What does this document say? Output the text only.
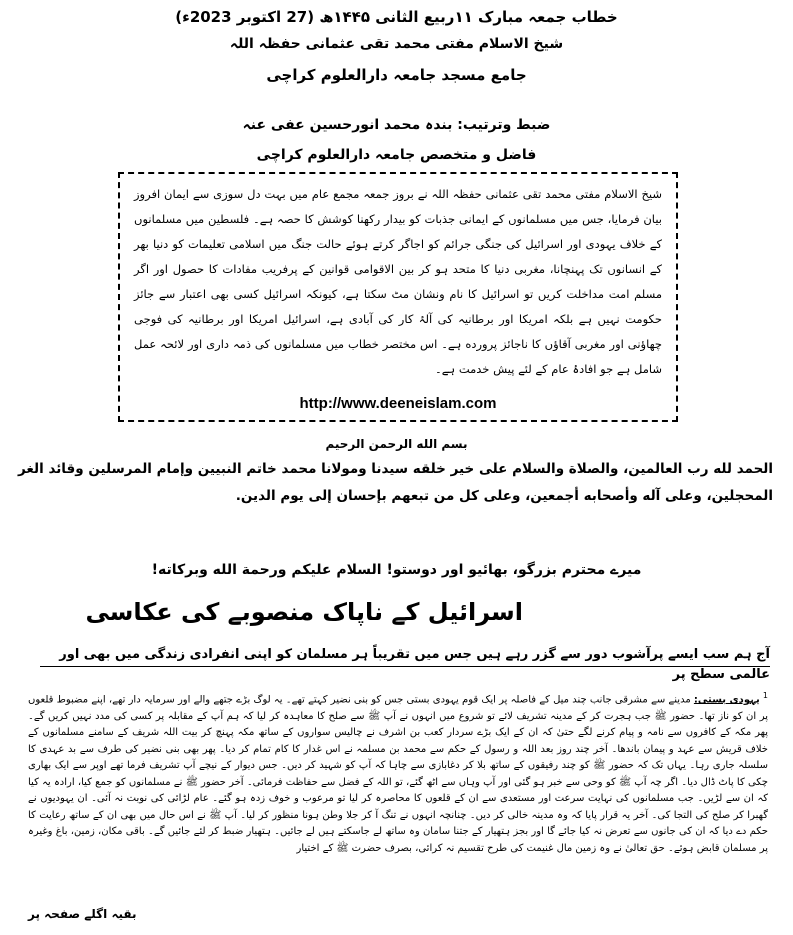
خطاب جمعہ مبارک ۱۱ربیع الثانی ۱۴۴۵ھ (27 اکتوبر 2023ء)
شیخ الاسلام مفتی محمد تقی عثمانی حفظہ اللہ
جامع مسجد جامعہ دارالعلوم کراچی
ضبط وترتیب: بندہ محمد انورحسین عفی عنہ
فاضل و متخصص جامعہ دارالعلوم کراچی

شیخ الاسلام مفتی محمد تقی عثمانی حفظہ اللہ نے بروز جمعہ مجمع عام میں بہت دل سوزی سے ایمان افروز بیان فرمایا، جس میں مسلمانوں کے ایمانی جذبات کو بیدار رکھنا کوشش کا حصہ ہے۔ فلسطین میں مسلمانوں کے خلاف یہودی اور اسرائیل کی جنگی جرائم کو اجاگر کرتے ہوئے حالت جنگ میں اسلامی تعلیمات کو دنیا بھر کے انسانوں تک پہنچانا، مغربی دنیا کا متحد ہو کر بین الاقوامی قوانین کے پرفریب مفادات کا حصول اور اگر مسلم امت مداخلت کریں تو اسرائیل کا نام ونشان مٹ سکتا ہے، کیونکہ اسرائیل کسی بھی اعتبار سے جائز حکومت نہیں ہے بلکہ امریکا اور برطانیہ کی آلۂ کار کی آبادی ہے، اسرائیل امریکا اور برطانیہ کی فوجی چھاؤنی اور مغربی آقاؤں کا ناجائز پرورده ہے۔ اس مختصر خطاب میں مسلمانوں کی ذمہ داری اور لائحہ عمل شامل ہے جو افادۂ عام کے لئے پیش خدمت ہے۔

http://www.deeneislam.com
بسم الله الرحمن الرحيم
الحمد لله رب العالمين، والصلاة والسلام على خير خلقه سيدنا ومولانا محمد خاتم النبيين وإمام المرسلين وقائد الغر المحجلين، وعلى آله وأصحابه أجمعين، وعلى كل من تبعهم بإحسان إلى يوم الدين.
میرے محترم بزرگو، بھائیو اور دوستو! السلام عليكم ورحمة الله وبركاته!
اسرائیل کے ناپاک منصوبے کی عکاسی
آج ہم سب ایسے پرآشوب دور سے گزر رہے ہیں جس میں تقریباً ہر مسلمان کو اپنی انفرادی زندگی میں بھی اور عالمی سطح پر
$^1$ یہودی بستی: مدینے سے مشرقی جانب چند میل کے فاصلہ پر ایک قوم یہودی بستی جس کو بنی نضیر کہتے تھے۔ یہ لوگ بڑے جتھے والے اور سرمایہ دار تھے، اپنے مضبوط قلعوں پر ان کو ناز تھا۔ حضور ﷺ جب ہجرت کر کے مدینہ تشریف لائے تو شروع میں انہوں نے آپ ﷺ سے صلح کا معاہدہ کر لیا کہ ہم آپ کے مقابلہ پر کسی کی مدد نہیں کریں گے۔ پھر مکہ کے کافروں سے نامہ و پیام کرنے لگے حتیٰ کہ ان کے ایک بڑے سردار کعب بن اشرف نے چالیس سواروں کے ساتھ مکہ پہنچ کر بیت اللہ شریف کے سامنے مسلمانوں کے خلاف قریش سے عہد و پیمان باندھا۔ آخر چند روز بعد اللہ و رسول کے حکم سے محمد بن مسلمہ نے اس غدار کا کام تمام کر دیا۔ پھر بھی بنی نضیر کی طرف سے بد عہدی کا سلسلہ جاری رہا۔ یہاں تک کہ حضور ﷺ کو چند رفیقوں کے ساتھ بلا کر دغابازی سے چاہا کہ آپ کو شہید کر دیں۔ جس دیوار کے نیچے آپ تشریف فرما تھے اوپر سے ایک بھاری چکی کا پاٹ ڈال دیا۔ اگر چہ آپ ﷺ کو وحی سے خبر ہو گئی اور آپ وہاں سے اٹھ گئے، تو اللہ کے فضل سے حفاظت فرمائی۔ آخر حضور ﷺ نے مسلمانوں کو جمع کیا، ارادہ یہ کیا کہ ان سے لڑیں۔ جب مسلمانوں کی نہایت سرعت اور مستعدی سے ان کے قلعوں کا محاصرہ کر لیا تو مرعوب و خوف زدہ ہو گئے۔ عام لڑائی کی نوبت نہ آئی۔ ان یہودیوں نے گھبرا کر صلح کی التجا کی۔ آخر یہ قرار پایا کہ وہ مدینہ خالی کر دیں۔ چنانچہ انہوں نے تنگ آ کر جلا وطن ہونا منظور کر لیا۔ آپ ﷺ نے اس حال میں بھی ان کے ساتھ رعایت کا حکم دے دیا کہ ان کی جانوں سے تعرض نہ کیا جائے گا اور بجز ہتھیار کے جتنا سامان وہ ساتھ لے جاسکتے ہیں لے جائیں۔ ہتھیار ضبط کر لئے جائیں گے۔ باقی مکان، زمین، باغ وغیرہ پر مسلمان قابض ہوئے۔ حق تعالیٰ نے وہ زمین مال غنیمت کی طرح تقسیم نہ کرائی، بصرف حضرت ﷺ کے اختیار
بقیہ اگلے صفحہ پر
